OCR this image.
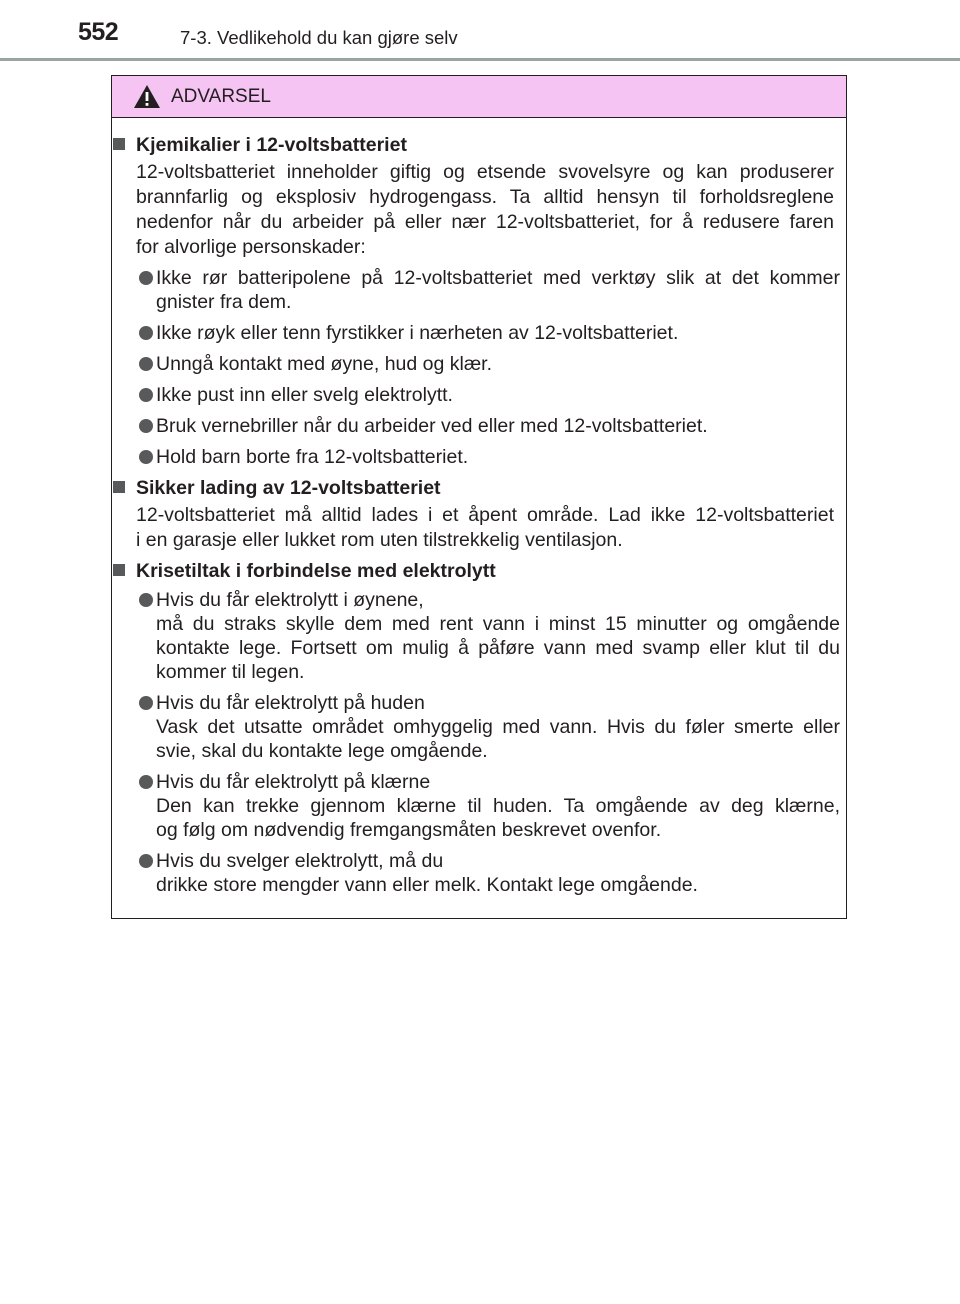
552	7-3. Vedlikehold du kan gjøre selv
ADVARSEL
Kjemikalier i 12-voltsbatteriet
12-voltsbatteriet inneholder giftig og etsende svovelsyre og kan produserer
brannfarlig og eksplosiv hydrogengass. Ta alltid hensyn til forholdsreglene
nedenfor når du arbeider på eller nær 12-voltsbatteriet, for å redusere faren
for alvorlige personskader:
Ikke rør batteripolene på 12-voltsbatteriet med verktøy slik at det kommer
gnister fra dem.
Ikke røyk eller tenn fyrstikker i nærheten av 12-voltsbatteriet.
Unngå kontakt med øyne, hud og klær.
Ikke pust inn eller svelg elektrolytt.
Bruk vernebriller når du arbeider ved eller med 12-voltsbatteriet.
Hold barn borte fra 12-voltsbatteriet.
Sikker lading av 12-voltsbatteriet
12-voltsbatteriet må alltid lades i et åpent område. Lad ikke 12-voltsbatteriet
i en garasje eller lukket rom uten tilstrekkelig ventilasjon.
Krisetiltak i forbindelse med elektrolytt
Hvis du får elektrolytt i øynene,
må du straks skylle dem med rent vann i minst 15 minutter og omgående
kontakte lege. Fortsett om mulig å påføre vann med svamp eller klut til du
kommer til legen.
Hvis du får elektrolytt på huden
Vask det utsatte området omhyggelig med vann. Hvis du føler smerte eller
svie, skal du kontakte lege omgående.
Hvis du får elektrolytt på klærne
Den kan trekke gjennom klærne til huden. Ta omgående av deg klærne,
og følg om nødvendig fremgangsmåten beskrevet ovenfor.
Hvis du svelger elektrolytt, må du
drikke store mengder vann eller melk. Kontakt lege omgående.
